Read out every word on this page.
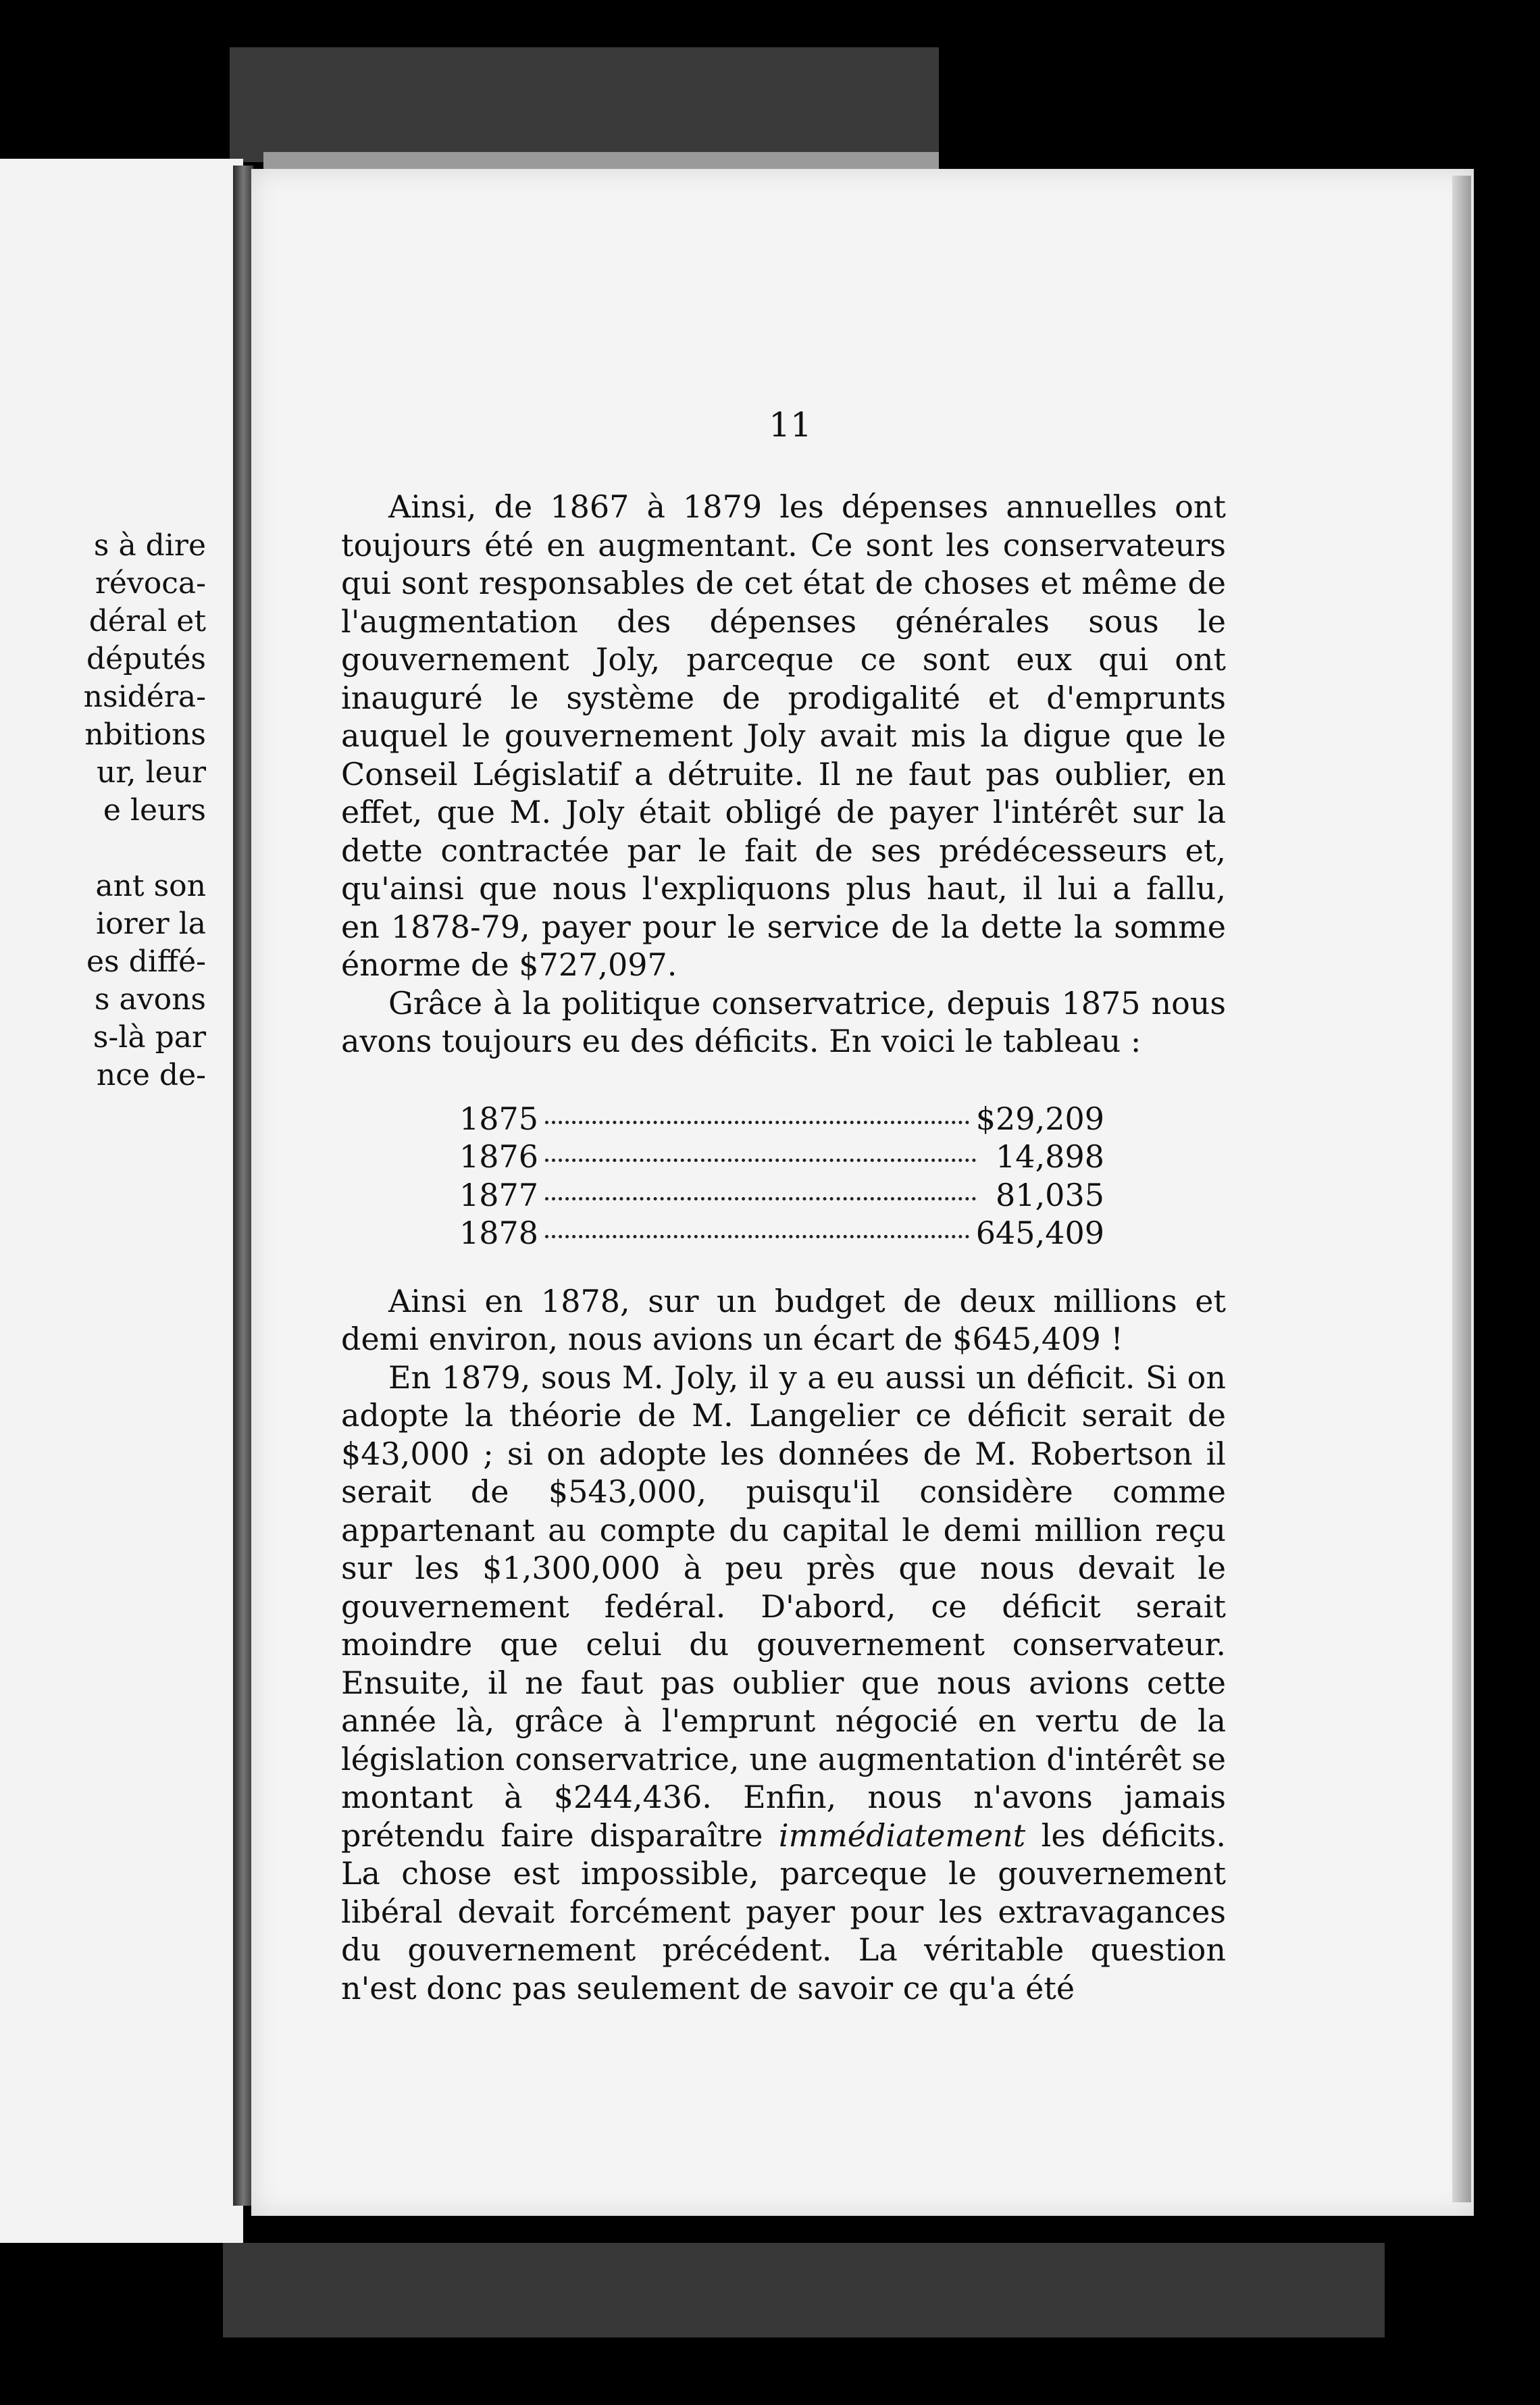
s à dire
révoca-
déral et
députés
nsidéra-
nbitions
ur, leur
e leurs
ant son
iorer la
es diffé-
s avons
s-là par
nce de-
11

Ainsi, de 1867 à 1879 les dépenses annuelles ont toujours été en augmentant. Ce sont les conservateurs qui sont responsables de cet état de choses et même de l'augmentation des dépenses générales sous le gouvernement Joly, parceque ce sont eux qui ont inauguré le système de prodigalité et d'emprunts auquel le gouvernement Joly avait mis la digue que le Conseil Législatif a détruite. Il ne faut pas oublier, en effet, que M. Joly était obligé de payer l'intérêt sur la dette contractée par le fait de ses prédécesseurs et, qu'ainsi que nous l'expliquons plus haut, il lui a fallu, en 1878-79, payer pour le service de la dette la somme énorme de $727,097.

Grâce à la politique conservatrice, depuis 1875 nous avons toujours eu des déficits. En voici le tableau :

1875	$29,209
1876	14,898
1877	81,035
1878	645,409

Ainsi en 1878, sur un budget de deux millions et demi environ, nous avions un écart de $645,409 !

En 1879, sous M. Joly, il y a eu aussi un déficit. Si on adopte la théorie de M. Langelier ce déficit serait de $43,000 ; si on adopte les données de M. Robertson il serait de $543,000, puisqu'il considère comme appartenant au compte du capital le demi million reçu sur les $1,300,000 à peu près que nous devait le gouvernement fedéral. D'abord, ce déficit serait moindre que celui du gouvernement conservateur. Ensuite, il ne faut pas oublier que nous avions cette année là, grâce à l'emprunt négocié en vertu de la législation conservatrice, une augmentation d'intérêt se montant à $244,436. Enfin, nous n'avons jamais prétendu faire disparaître immédiatement les déficits. La chose est impossible, parceque le gouvernement libéral devait forcément payer pour les extravagances du gouvernement précédent. La véritable question n'est donc pas seulement de savoir ce qu'a été
